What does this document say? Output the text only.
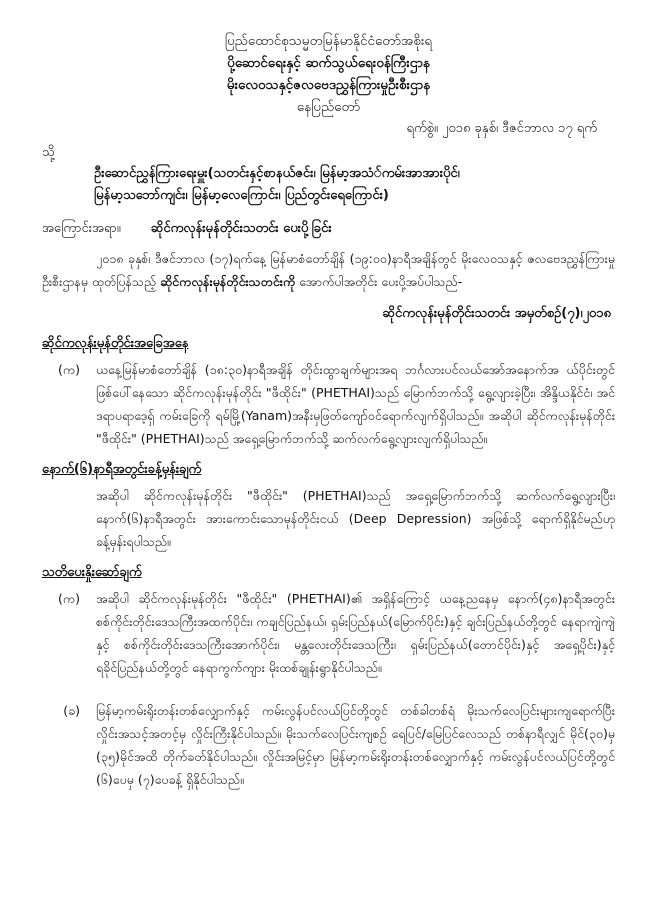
ပြည်ထောင်စုသမ္မတမြန်မာနိုင်ငံတော်အစိုးရ
ပို့ဆောင်ရေးနှင့် ဆက်သွယ်ရေးဝန်ကြီးဌာန
မိုးလေဝသနှင့်ဇလဗေဒညွှန်ကြားမှုဦးစီးဌာန
နေပြည်တော်
ရက်စွဲ။ ၂၀၁၈ ခုနှစ်၊ ဒီဇင်ဘာလ ၁၇ ရက်
သို့
ဦးဆောင်ညွှန်ကြားရေးမှူး(သတင်းနှင့်စာနယ်ဇင်း၊ မြန်မာ့အသံ်ကမ်းအာအားပိုင်၊
မြန်မာ့သဘော်ကျင်း၊ မြန်မာ့လေကြောင်း၊ ပြည်တွင်းရေကြောင်း)
အကြောင်းအရာ။ ဆိုင်ကလုန်းမုန်တိုင်းသတင်း ပေးပို့ခြင်း

၂၀၁၈ ခုနှစ်၊ ဒီဇင်ဘာလ (၁၇)ရက်နေ့ မြန်မာစံတော်ချိန် (၁၉:၀၀)နာရီအချိန်တွင် မိုးလေဝသနှင့် ဇလဗေဒညွှန်ကြားမှုဦးစီးဌာနမှ ထုတ်ပြန်သည့် ဆိုင်ကလုန်းမုန်တိုင်းသတင်းကို အောက်ပါအတိုင်း ပေးပို့အပ်ပါသည်-

ဆိုင်ကလုန်းမုန်တိုင်းသတင်း အမှတ်စဉ်(၇)၊၂၀၁၈
ဆိုင်ကလုန်းမုန်တိုင်းအခြေအနေ
(က)	ယနေ့မြန်မာစံတော်ချိန် (၁၈:၃၀)နာရီအချိန် တိုင်းထွာချက်များအရ ဘင်္ဂလားပင်လယ်အော်အနောက်အ ယ်ပိုင်းတွင် ဖြစ်ပေါ်နေသော ဆိုင်ကလုန်းမုန်တိုင်း "ဖီထိုင်း" (PHETHAI)သည် မြောက်ဘက်သို့ ရွေ့လျားခဲ့ပြီး၊ အိန္ဒိယနိုင်ငံ၊ အင်ဒရာပရာဒေ့ရှ် ကမ်းခြေကို ရမ်မြို့(Yanam)အနီးမှဖြတ်ကျော်ဝင်ရောက်လျက်ရှိပါသည်။ အဆိုပါ ဆိုင်ကလုန်းမုန်တိုင်း "ဖီထိုင်း" (PHETHAI)သည် အရှေ့မြောက်ဘက်သို့ ဆက်လက်ရွေ့လျားလျက်ရှိပါသည်။
နောက်(၆)နာရီအတွင်းခန့်မှန်းချက်
အဆိုပါ ဆိုင်ကလုန်းမုန်တိုင်း "ဖီထိုင်း" (PHETHAI)သည် အရှေ့မြောက်ဘက်သို့ ဆက်လက်ရွေ့လျားပြီး၊ နောက်(၆)နာရီအတွင်း အားကောင်းသောမုန်တိုင်းငယ် (Deep Depression) အဖြစ်သို့ ရောက်ရှိနိုင်မည်ဟု ခန့်မှန်းရပါသည်။
သတိပေးနှိုးဆော်ချက်
(က)	အဆိုပါ ဆိုင်ကလုန်းမုန်တိုင်း "ဖီထိုင်း" (PHETHAI)၏ အရှိန်ကြောင့် ယနေ့ညနေမှ နောက်(၄၈)နာရီအတွင်း စစ်ကိုင်းတိုင်းဒေသကြီးအထက်ပိုင်း၊ ကချင်ပြည်နယ်၊ ရှမ်းပြည်နယ်(မြောက်ပိုင်း)နှင့် ချင်းပြည်နယ်တို့တွင် နေရာကျဲကျဲနှင့် စစ်ကိုင်းတိုင်းဒေသကြီးအောက်ပိုင်း၊ မန္တလေးတိုင်းဒေသကြီး၊ ရှမ်းပြည်နယ်(တောင်ပိုင်း)နှင့် အရှေ့ပိုင်း)နှင့် ရခိုင်ပြည်နယ်တို့တွင် နေရာကွက်ကျား မိုးထစ်ချုန်းရွာနိုင်ပါသည်။
(ခ)	မြန်မာ့ကမ်းရိုးတန်းတစ်လျှောက်နှင့် ကမ်းလွန်ပင်လယ်ပြင်တို့တွင် တစ်ခါတစ်ရံ မိုးသက်လေပြင်းများကျရောက်ပြီး လှိုင်းအသင့်အတင့်မှ လှိုင်းကြီးနိုင်ပါသည်။ မိုးသက်လေပြင်းကျစဉ် ရေပြင်/မြေပြင်လေသည် တစ်နာရီလျှင် မိုင်(၃၀)မှ (၃၅)မိုင်အထိ တိုက်ခတ်နိုင်ပါသည်။ လှိုင်းအမြင့်မှာ မြန်မာ့ကမ်းရိုးတန်းတစ်လျှောက်နှင့် ကမ်းလွန်ပင်လယ်ပြင်တို့တွင် (၆)ပေမှ (၇)ပေခန့် ရှိနိုင်ပါသည်။
